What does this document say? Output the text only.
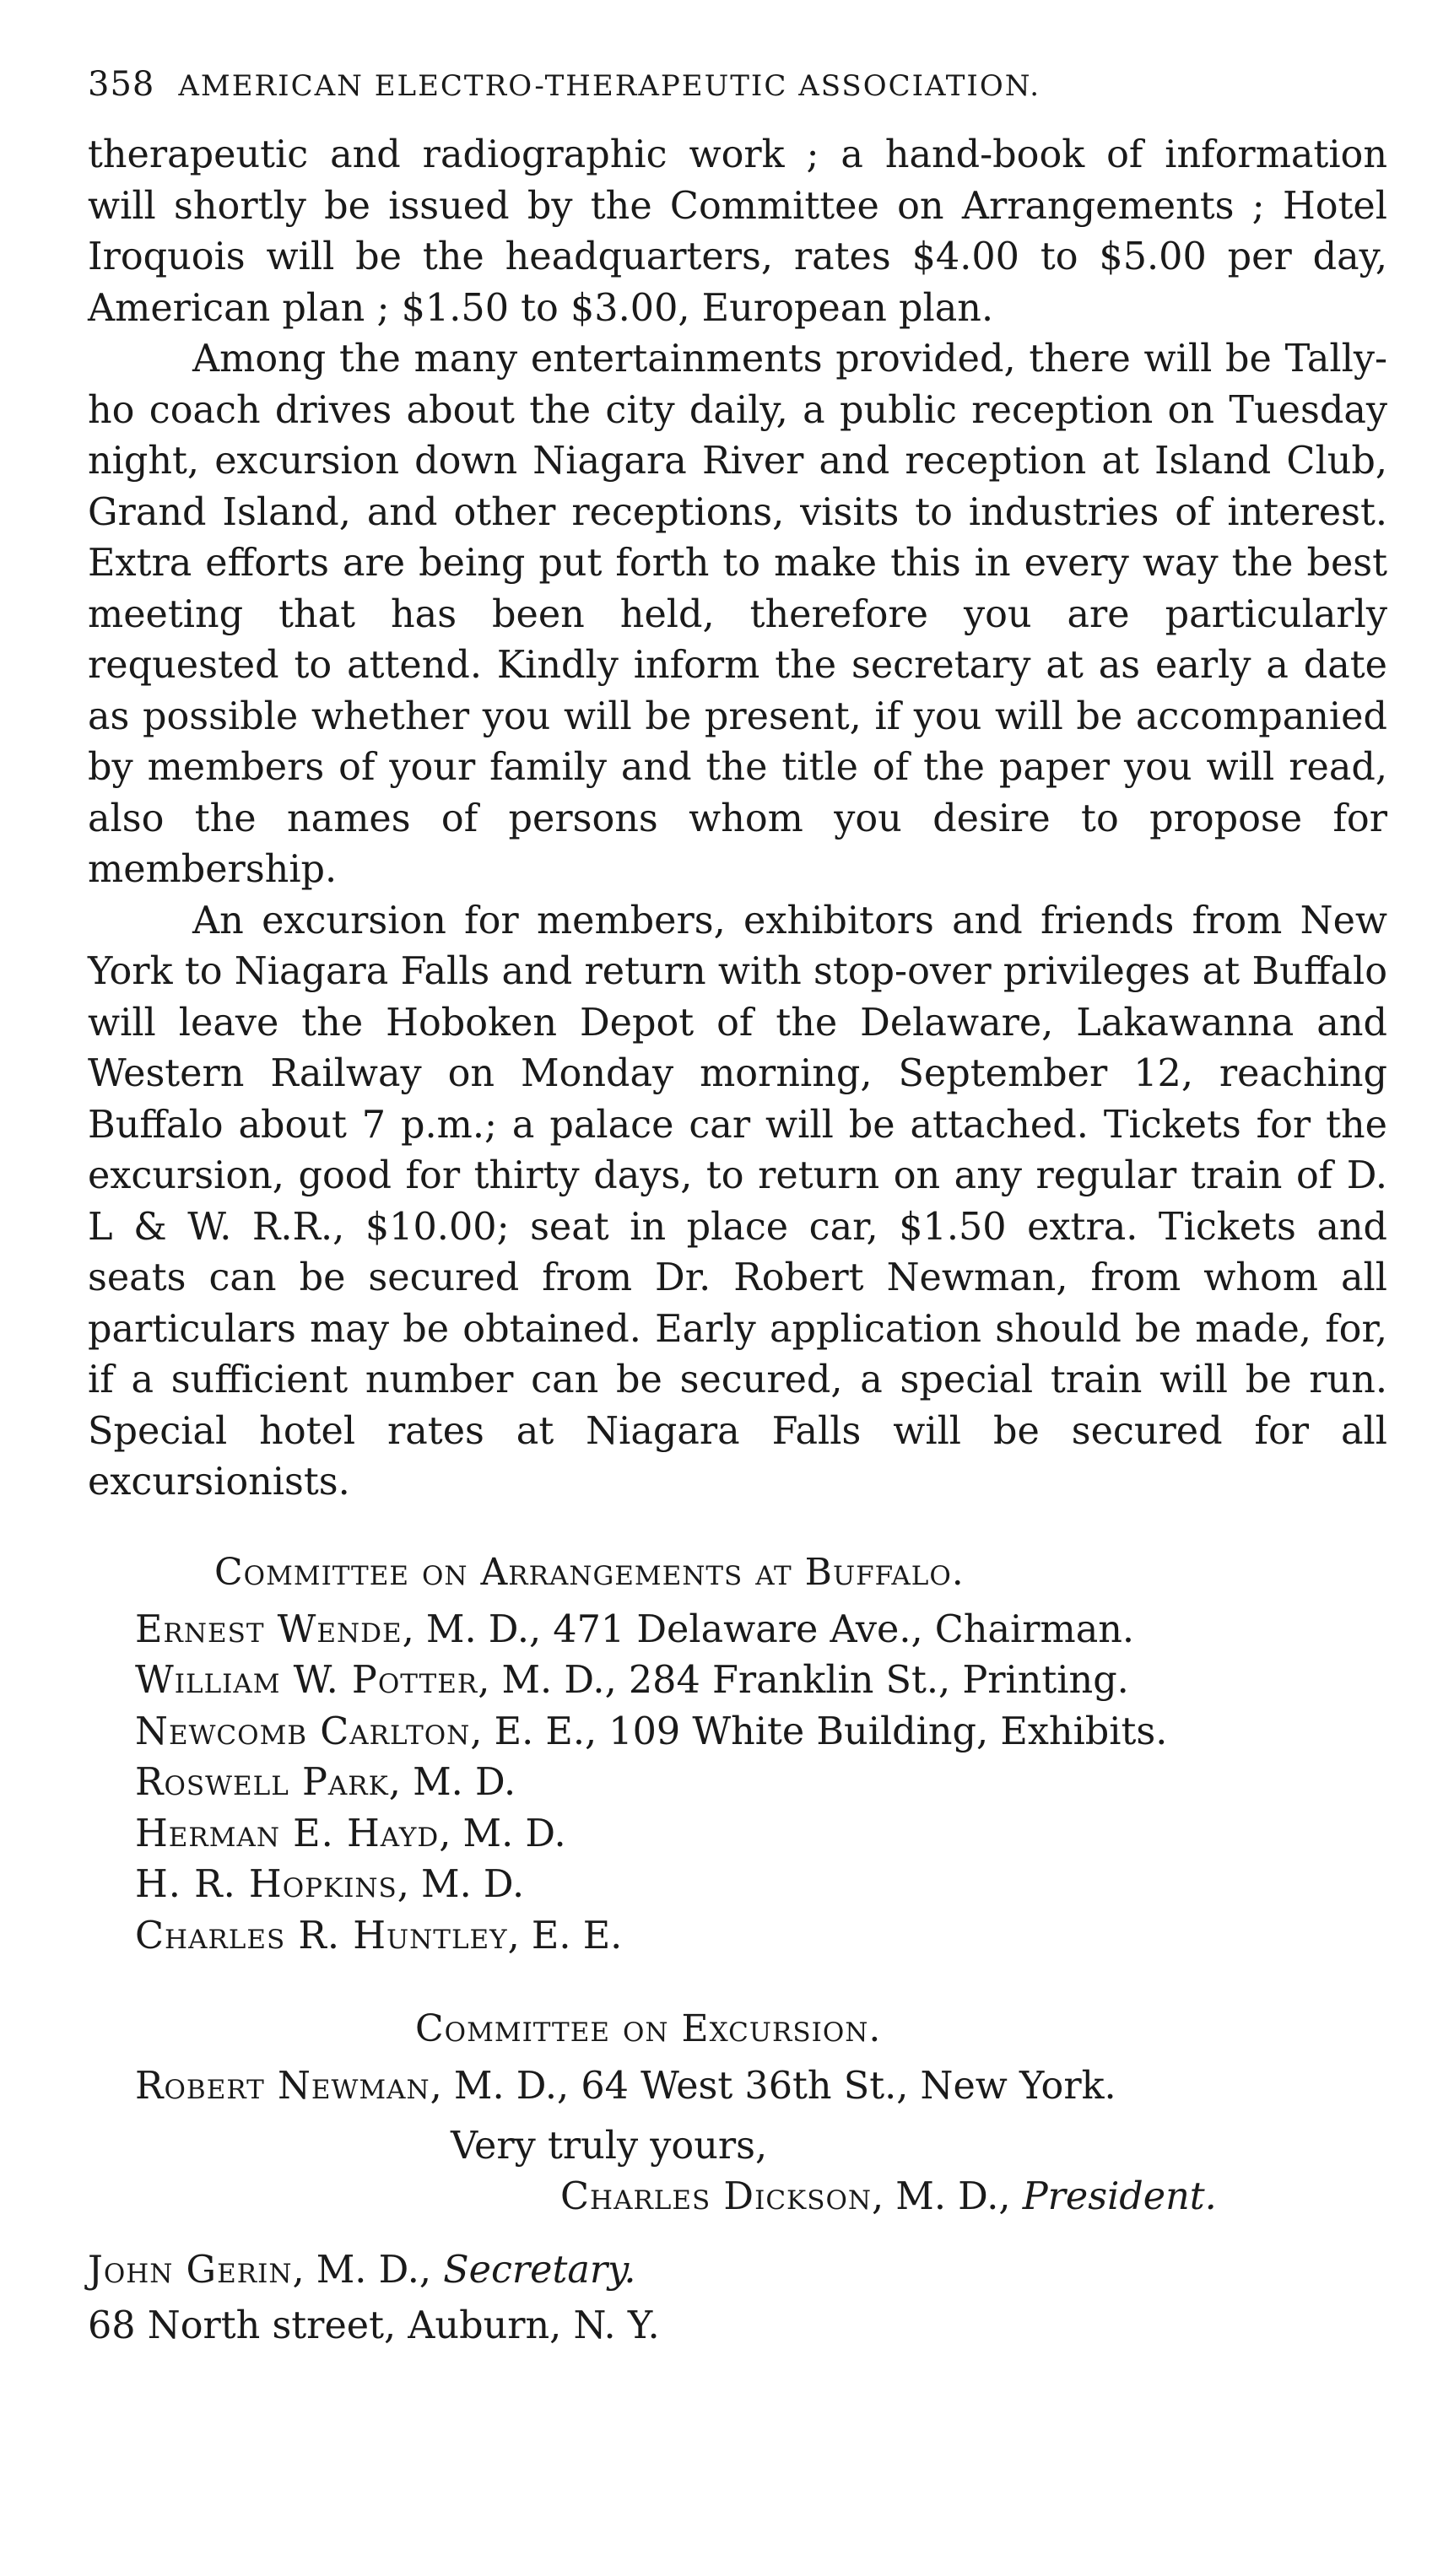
358 AMERICAN ELECTRO-THERAPEUTIC ASSOCIATION.

therapeutic and radiographic work ; a hand-book of information will shortly be issued by the Committee on Arrangements ; Hotel Iroquois will be the headquarters, rates $4.00 to $5.00 per day, American plan ; $1.50 to $3.00, European plan.

Among the many entertainments provided, there will be Tally-ho coach drives about the city daily, a public reception on Tuesday night, excursion down Niagara River and reception at Island Club, Grand Island, and other receptions, visits to industries of interest. Extra efforts are being put forth to make this in every way the best meeting that has been held, therefore you are particularly requested to attend. Kindly inform the secretary at as early a date as possible whether you will be present, if you will be accompanied by members of your family and the title of the paper you will read, also the names of persons whom you desire to propose for membership.

An excursion for members, exhibitors and friends from New York to Niagara Falls and return with stop-over privileges at Buffalo will leave the Hoboken Depot of the Delaware, Lakawanna and Western Railway on Monday morning, September 12, reaching Buffalo about 7 p.m.; a palace car will be attached. Tickets for the excursion, good for thirty days, to return on any regular train of D. L & W. R.R., $10.00; seat in place car, $1.50 extra. Tickets and seats can be secured from Dr. Robert Newman, from whom all particulars may be obtained. Early application should be made, for, if a sufficient number can be secured, a special train will be run. Special hotel rates at Niagara Falls will be secured for all excursionists.

Committee on Arrangements at Buffalo.
Ernest Wende, M. D., 471 Delaware Ave., Chairman.
William W. Potter, M. D., 284 Franklin St., Printing.
Newcomb Carlton, E. E., 109 White Building, Exhibits.
Roswell Park, M. D.
Herman E. Hayd, M. D.
H. R. Hopkins, M. D.
Charles R. Huntley, E. E.
Committee on Excursion.
Robert Newman, M. D., 64 West 36th St., New York.
Very truly yours,
Charles Dickson, M. D., President.
John Gerin, M. D., Secretary.
68 North street, Auburn, N. Y.
